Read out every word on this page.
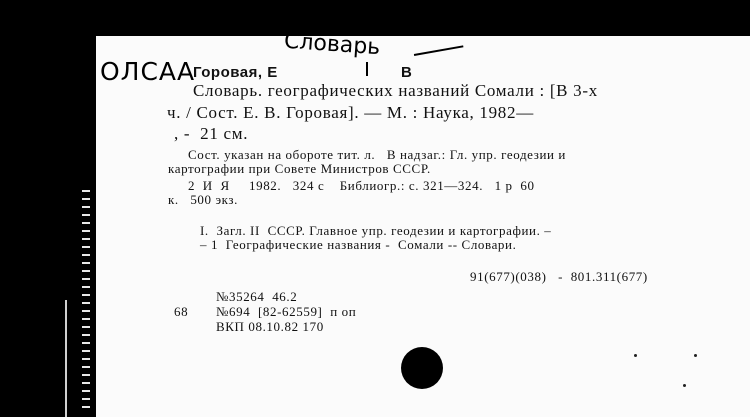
Словарь
ОЛСАА
Горовая, Е	В
Словарь. географических названий Сомали : [В 3-х
ч. / Сост. Е. В. Горовая]. — М. : Наука, 1982—
, -  21 см.
Сост. указан на обороте тит. л.   В надзаг.: Гл. упр. геодезии и
картографии при Совете Министров СССР.
2  И  Я     1982.   324 с    Библиогр.: с. 321—324.   1 р  60
к.   500 экз.
I.  Загл. II  СССР. Главное упр. геодезии и картографии. –
– 1  Географические названия -  Сомали -- Словари.
91(677)(038)   -  801.311(677)
№35264  46.2
68 №694  [82-62559]  п оп
ВКП 08.10.82 170
